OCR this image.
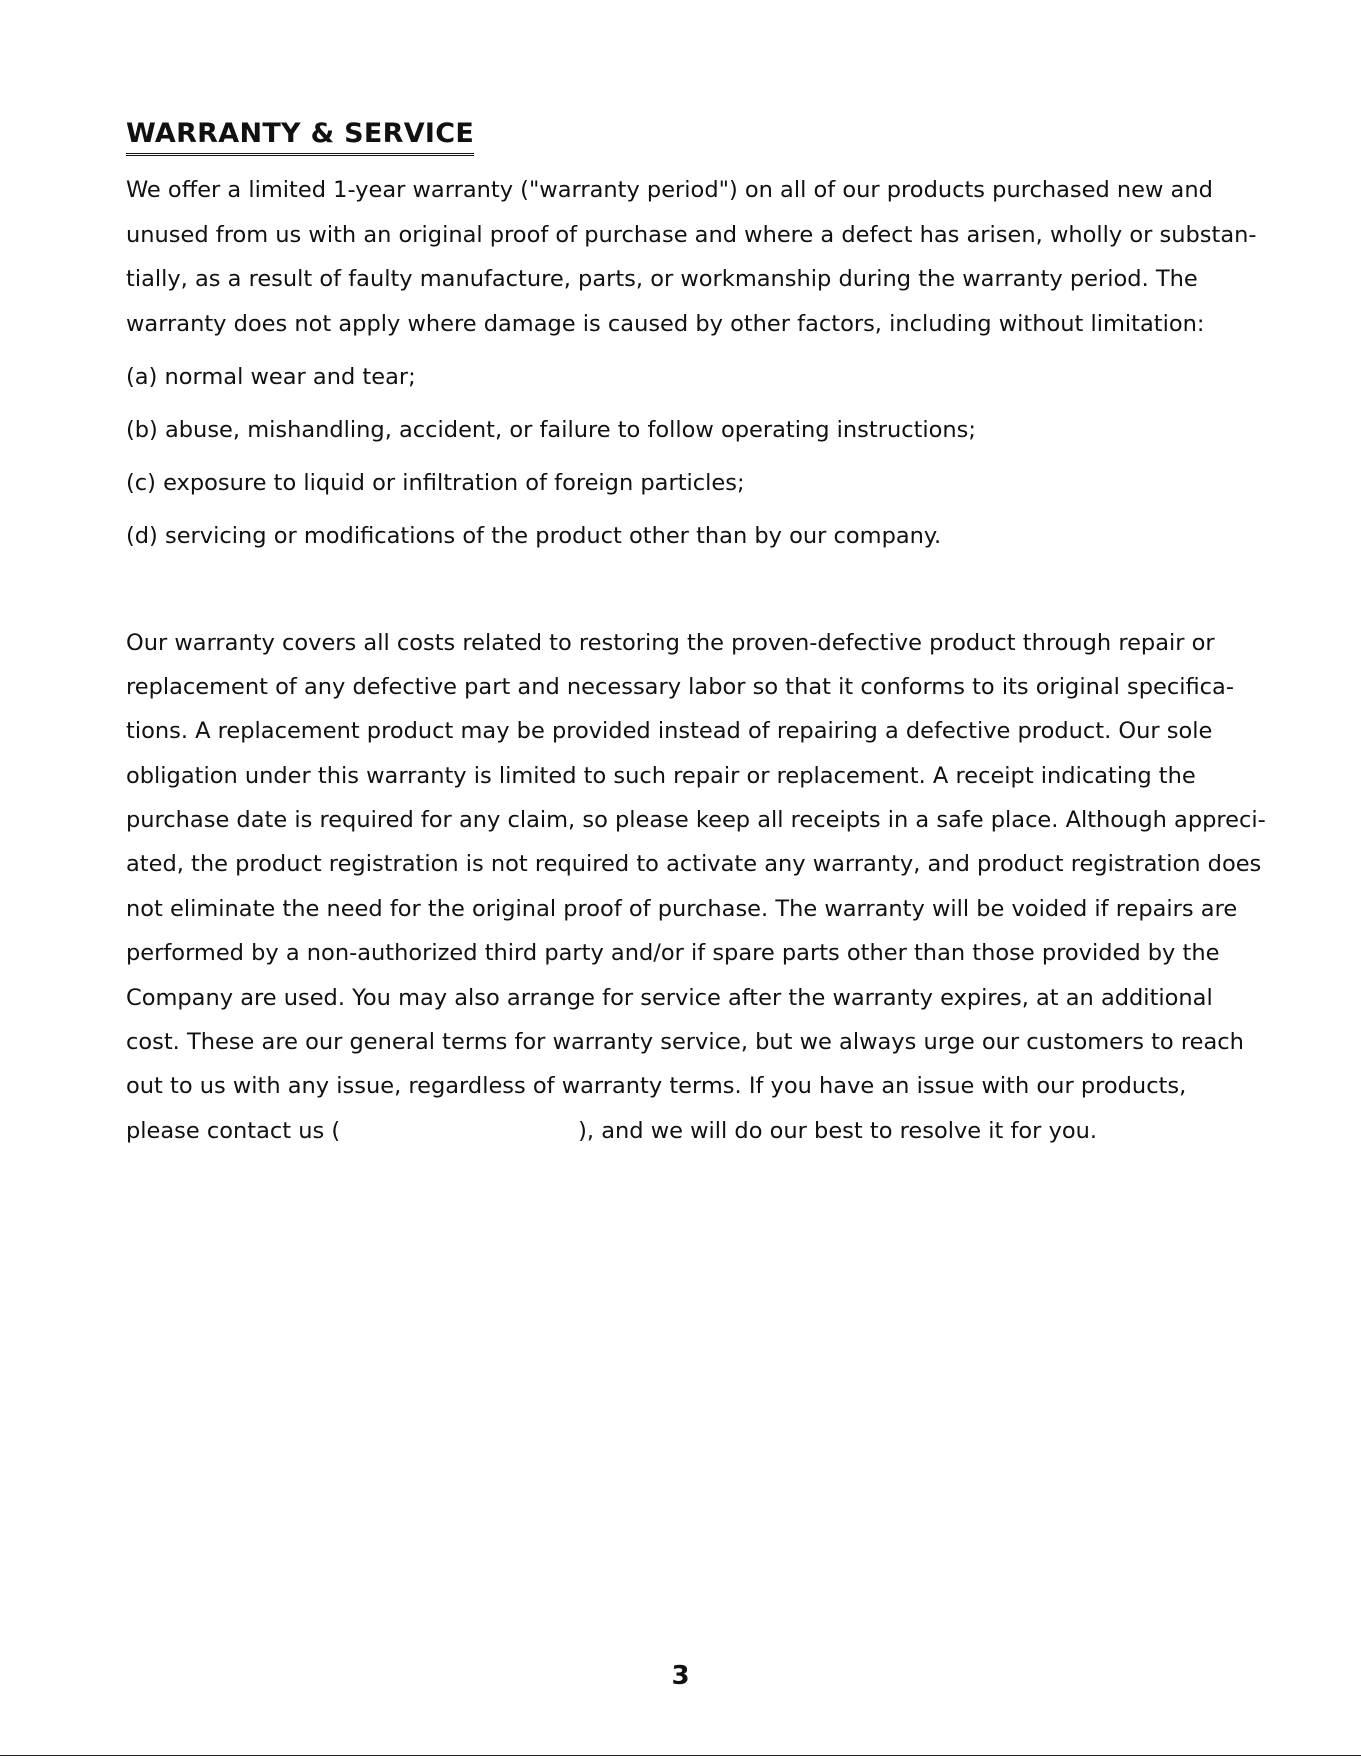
WARRANTY & SERVICE

We offer a limited 1-year warranty ("warranty period") on all of our products purchased new and

unused from us with an original proof of purchase and where a defect has arisen, wholly or substan-

tially, as a result of faulty manufacture, parts, or workmanship during the warranty period. The

warranty does not apply where damage is caused by other factors, including without limitation:

(a) normal wear and tear;

(b) abuse, mishandling, accident, or failure to follow operating instructions;

(c) exposure to liquid or infiltration of foreign particles;

(d) servicing or modifications of the product other than by our company.

Our warranty covers all costs related to restoring the proven-defective product through repair or

replacement of any defective part and necessary labor so that it conforms to its original specifica-

tions. A replacement product may be provided instead of repairing a defective product. Our sole

obligation under this warranty is limited to such repair or replacement. A receipt indicating the

purchase date is required for any claim, so please keep all receipts in a safe place. Although appreci-

ated, the product registration is not required to activate any warranty, and product registration does

not eliminate the need for the original proof of purchase. The warranty will be voided if repairs are

performed by a non-authorized third party and/or if spare parts other than those provided by the

Company are used. You may also arrange for service after the warranty expires, at an additional

cost. These are our general terms for warranty service, but we always urge our customers to reach

out to us with any issue, regardless of warranty terms. If you have an issue with our products,

please contact us (	), and we will do our best to resolve it for you.

3
